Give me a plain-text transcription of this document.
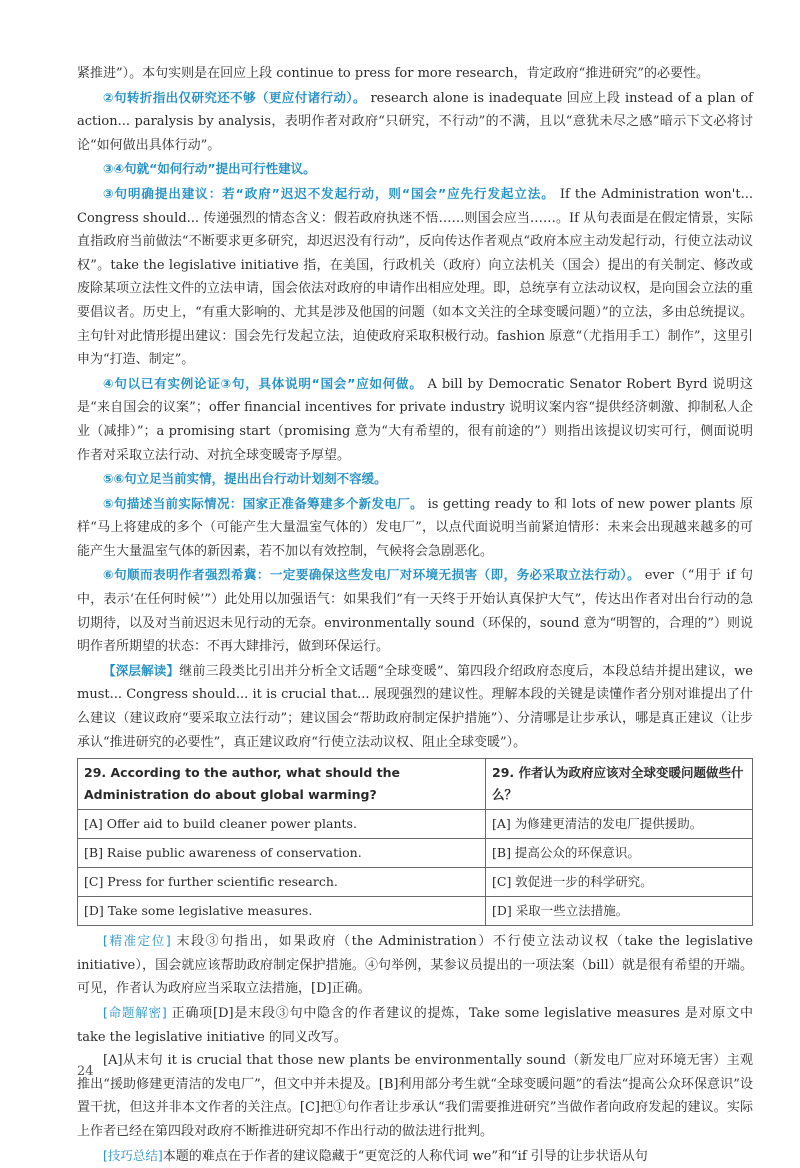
紧推进”）。本句实则是在回应上段 continue to press for more research，肯定政府“推进研究”的必要性。

②句转折指出仅研究还不够（更应付诸行动）。 research alone is inadequate 回应上段 instead of a plan of action... paralysis by analysis，表明作者对政府“只研究，不行动”的不满，且以“意犹未尽之感”暗示下文必将讨论“如何做出具体行动”。

③④句就“如何行动”提出可行性建议。

③句明确提出建议：若“政府”迟迟不发起行动，则“国会”应先行发起立法。 If the Administration won't... Congress should... 传递强烈的情态含义：假若政府执迷不悟……则国会应当……。If 从句表面是在假定情景，实际直指政府当前做法“不断要求更多研究，却迟迟没有行动”，反向传达作者观点“政府本应主动发起行动，行使立法动议权”。take the legislative initiative 指，在美国，行政机关（政府）向立法机关（国会）提出的有关制定、修改或废除某项立法性文件的立法申请，国会依法对政府的申请作出相应处理。即，总统享有立法动议权，是向国会立法的重要倡议者。历史上，“有重大影响的、尤其是涉及他国的问题（如本文关注的全球变暖问题）”的立法，多由总统提议。主句针对此情形提出建议：国会先行发起立法，迫使政府采取积极行动。fashion 原意“（尤指用手工）制作”，这里引申为“打造、制定”。

④句以已有实例论证③句，具体说明“国会”应如何做。 A bill by Democratic Senator Robert Byrd 说明这是“来自国会的议案”；offer financial incentives for private industry 说明议案内容“提供经济刺激、抑制私人企业（减排）”；a promising start（promising 意为“大有希望的，很有前途的”）则指出该提议切实可行，侧面说明作者对采取立法行动、对抗全球变暖寄予厚望。

⑤⑥句立足当前实情，提出出台行动计划刻不容缓。

⑤句描述当前实际情况：国家正准备筹建多个新发电厂。 is getting ready to 和 lots of new power plants 原样“马上将建成的多个（可能产生大量温室气体的）发电厂”，以点代面说明当前紧迫情形：未来会出现越来越多的可能产生大量温室气体的新因素，若不加以有效控制，气候将会急剧恶化。

⑥句顺而表明作者强烈希冀：一定要确保这些发电厂对环境无损害（即，务必采取立法行动）。 ever（“用于 if 句中，表示‘在任何时候’”）此处用以加强语气：如果我们“有一天终于开始认真保护大气”，传达出作者对出台行动的急切期待，以及对当前迟迟未见行动的无奈。environmentally sound（环保的，sound 意为“明智的，合理的”）则说明作者所期望的状态：不再大肆排污，做到环保运行。

【深层解读】继前三段类比引出并分析全文话题“全球变暖”、第四段介绍政府态度后，本段总结并提出建议，we must... Congress should... it is crucial that... 展现强烈的建议性。理解本段的关键是读懂作者分别对谁提出了什么建议（建议政府“要采取立法行动”；建议国会“帮助政府制定保护措施”）、分清哪是让步承认，哪是真正建议（让步承认“推进研究的必要性”，真正建议政府“行使立法动议权、阻止全球变暖”）。

29. According to the author, what should the Administration do about global warming?	29. 作者认为政府应该对全球变暖问题做些什么？
[A] Offer aid to build cleaner power plants.	[A] 为修建更清洁的发电厂提供援助。
[B] Raise public awareness of conservation.	[B] 提高公众的环保意识。
[C] Press for further scientific research.	[C] 敦促进一步的科学研究。
[D] Take some legislative measures.	[D] 采取一些立法措施。

[精准定位] 末段③句指出，如果政府（the Administration）不行使立法动议权（take the legislative initiative），国会就应该帮助政府制定保护措施。④句举例，某参议员提出的一项法案（bill）就是很有希望的开端。可见，作者认为政府应当采取立法措施，[D]正确。

[命题解密] 正确项[D]是末段③句中隐含的作者建议的提炼，Take some legislative measures 是对原文中 take the legislative initiative 的同义改写。

[A]从末句 it is crucial that those new plants be environmentally sound（新发电厂应对环境无害）主观推出“援助修建更清洁的发电厂”，但文中并未提及。[B]利用部分考生就“全球变暖问题”的看法“提高公众环保意识”设置干扰，但这并非本文作者的关注点。[C]把①句作者让步承认“我们需要推进研究”当做作者向政府发起的建议。实际上作者已经在第四段对政府不断推进研究却不作出行动的做法进行批判。

[技巧总结]本题的难点在于作者的建议隐藏于“更宽泛的人称代词 we”和“if 引导的让步状语从句

24
